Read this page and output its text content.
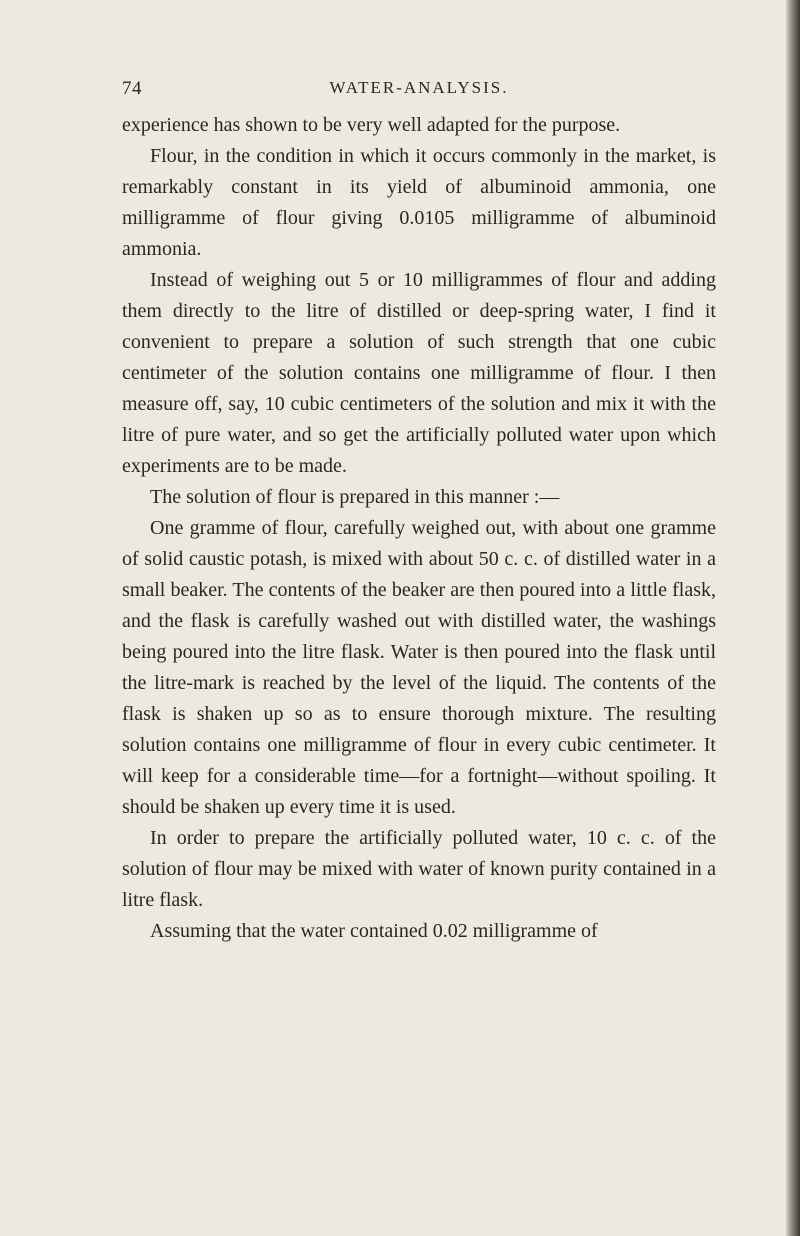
74	WATER-ANALYSIS.

experience has shown to be very well adapted for the purpose.

Flour, in the condition in which it occurs commonly in the market, is remarkably constant in its yield of albuminoid ammonia, one milligramme of flour giving 0.0105 milligramme of albuminoid ammonia.

Instead of weighing out 5 or 10 milligrammes of flour and adding them directly to the litre of distilled or deep-spring water, I find it convenient to prepare a solution of such strength that one cubic centimeter of the solution contains one milligramme of flour. I then measure off, say, 10 cubic centimeters of the solution and mix it with the litre of pure water, and so get the artificially polluted water upon which experiments are to be made.

The solution of flour is prepared in this manner :—

One gramme of flour, carefully weighed out, with about one gramme of solid caustic potash, is mixed with about 50 c. c. of distilled water in a small beaker. The contents of the beaker are then poured into a little flask, and the flask is carefully washed out with distilled water, the washings being poured into the litre flask. Water is then poured into the flask until the litre-mark is reached by the level of the liquid. The contents of the flask is shaken up so as to ensure thorough mixture. The resulting solution contains one milligramme of flour in every cubic centimeter. It will keep for a considerable time—for a fortnight—without spoiling. It should be shaken up every time it is used.

In order to prepare the artificially polluted water, 10 c. c. of the solution of flour may be mixed with water of known purity contained in a litre flask.

Assuming that the water contained 0.02 milligramme of
